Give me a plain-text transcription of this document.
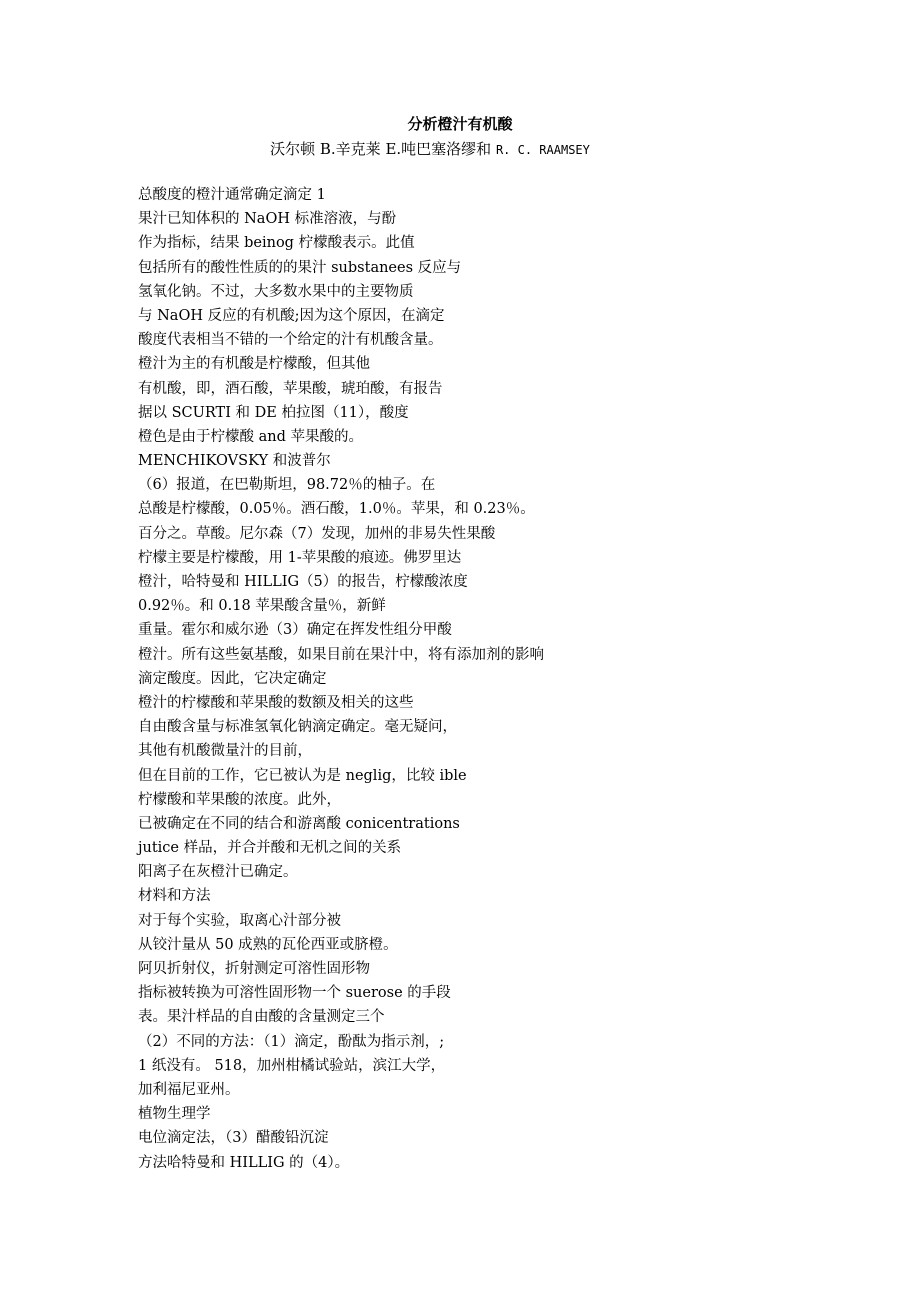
分析橙汁有机酸
沃尔顿 B.辛克莱 E.吨巴塞洛缪和 R. C. RAAMSEY
总酸度的橙汁通常确定滴定 1
果汁已知体积的 NaOH 标准溶液，与酚
作为指标，结果 beinog 柠檬酸表示。此值
包括所有的酸性性质的的果汁 substanees 反应与
氢氧化钠。不过，大多数水果中的主要物质
与 NaOH 反应的有机酸;因为这个原因，在滴定
酸度代表相当不错的一个给定的汁有机酸含量。
橙汁为主的有机酸是柠檬酸，但其他
有机酸，即，酒石酸，苹果酸，琥珀酸，有报告
据以 SCURTI 和 DE 柏拉图（11），酸度
橙色是由于柠檬酸 and 苹果酸的。
MENCHIKOVSKY 和波普尔
（6）报道，在巴勒斯坦，98.72％的柚子。在
总酸是柠檬酸，0.05％。酒石酸，1.0％。苹果，和 0.23％。
百分之。草酸。尼尔森（7）发现，加州的非易失性果酸
柠檬主要是柠檬酸，用 1-苹果酸的痕迹。佛罗里达
橙汁，哈特曼和 HILLIG（5）的报告，柠檬酸浓度
0.92％。和 0.18 苹果酸含量％，新鲜
重量。霍尔和威尔逊（3）确定在挥发性组分甲酸
橙汁。所有这些氨基酸，如果目前在果汁中，将有添加剂的影响
滴定酸度。因此，它决定确定
橙汁的柠檬酸和苹果酸的数额及相关的这些
自由酸含量与标准氢氧化钠滴定确定。毫无疑问，
其他有机酸微量汁的目前，
但在目前的工作，它已被认为是 neglig，比较 ible
柠檬酸和苹果酸的浓度。此外，
已被确定在不同的结合和游离酸 conicentrations
jutice 样品，并合并酸和无机之间的关系
阳离子在灰橙汁已确定。
材料和方法
对于每个实验，取离心汁部分被
从铰汁量从 50 成熟的瓦伦西亚或脐橙。
阿贝折射仪，折射测定可溶性固形物
指标被转换为可溶性固形物一个 suerose 的手段
表。果汁样品的自由酸的含量测定三个
（2）不同的方法：（1）滴定，酚酞为指示剂，;
1 纸没有。 518，加州柑橘试验站，滨江大学，
加利福尼亚州。
植物生理学
电位滴定法，（3）醋酸铅沉淀
方法哈特曼和 HILLIG 的（4）。
